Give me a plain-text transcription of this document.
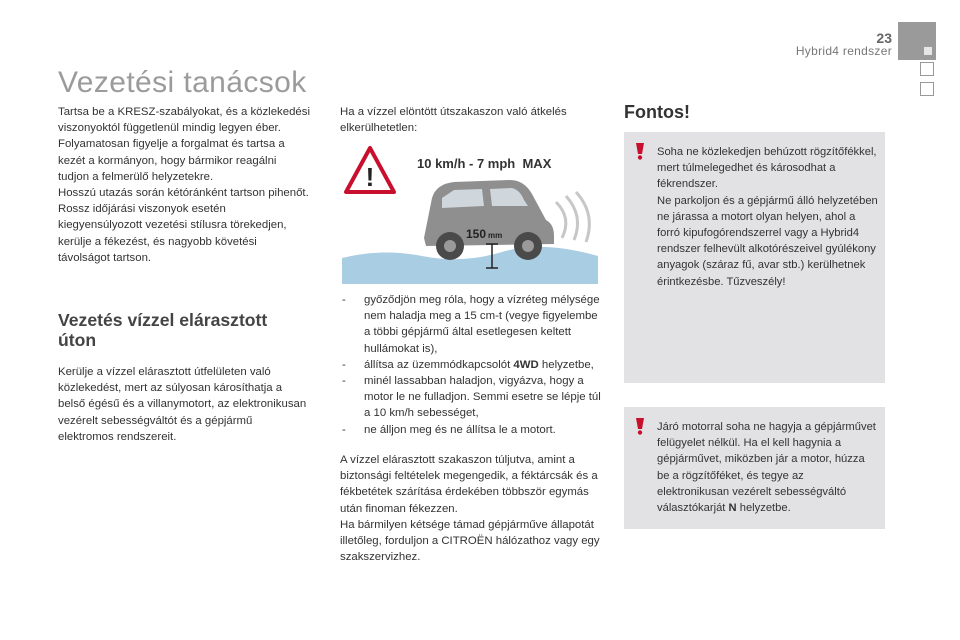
23
Hybrid4 rendszer
Vezetési tanácsok
Tartsa be a KRESZ-szabályokat, és a közlekedési viszonyoktól függetlenül mindig legyen éber.
Folyamatosan figyelje a forgalmat és tartsa a kezét a kormányon, hogy bármikor reagálni tudjon a felmerülő helyzetekre.
Hosszú utazás során kétóránként tartson pihenőt.
Rossz időjárási viszonyok esetén kiegyensúlyozott vezetési stílusra törekedjen, kerülje a fékezést, és nagyobb követési távolságot tartson.
Vezetés vízzel elárasztott úton
Kerülje a vízzel elárasztott útfelületen való közlekedést, mert az súlyosan károsíthatja a belső égésű és a villanymotort, az elektronikusan vezérelt sebességváltót és a gépjármű elektromos rendszereit.
Ha a vízzel elöntött útszakaszon való átkelés elkerülhetetlen:
!	10 km/h - 7 mph  MAX
150 mm
- győződjön meg róla, hogy a vízréteg mélysége nem haladja meg a 15 cm-t (vegye figyelembe a többi gépjármű által esetlegesen keltett hullámokat is),
- állítsa az üzemmódkapcsolót 4WD helyzetbe,
- minél lassabban haladjon, vigyázva, hogy a motor le ne fulladjon. Semmi esetre se lépje túl a 10 km/h sebességet,
- ne álljon meg és ne állítsa le a motort.
A vízzel elárasztott szakaszon túljutva, amint a biztonsági feltételek megengedik, a féktárcsák és a fékbetétek szárítása érdekében többször egymás után finoman fékezzen.
Ha bármilyen kétsége támad gépjárműve állapotát illetőleg, forduljon a CITROËN hálózathoz vagy egy szakszervizhez.
Fontos!
Soha ne közlekedjen behúzott rögzítőfékkel, mert túlmelegedhet és károsodhat a fékrendszer.
Ne parkoljon és a gépjármű álló helyzetében ne járassa a motort olyan helyen, ahol a forró kipufogórendszerrel vagy a Hybrid4 rendszer felhevült alkotórészeivel gyúlékony anyagok (száraz fű, avar stb.) kerülhetnek érintkezésbe. Tűzveszély!
Járó motorral soha ne hagyja a gépjárművet felügyelet nélkül. Ha el kell hagynia a gépjárművet, miközben jár a motor, húzza be a rögzítőféket, és tegye az elektronikusan vezérelt sebességváltó választókarját N helyzetbe.
